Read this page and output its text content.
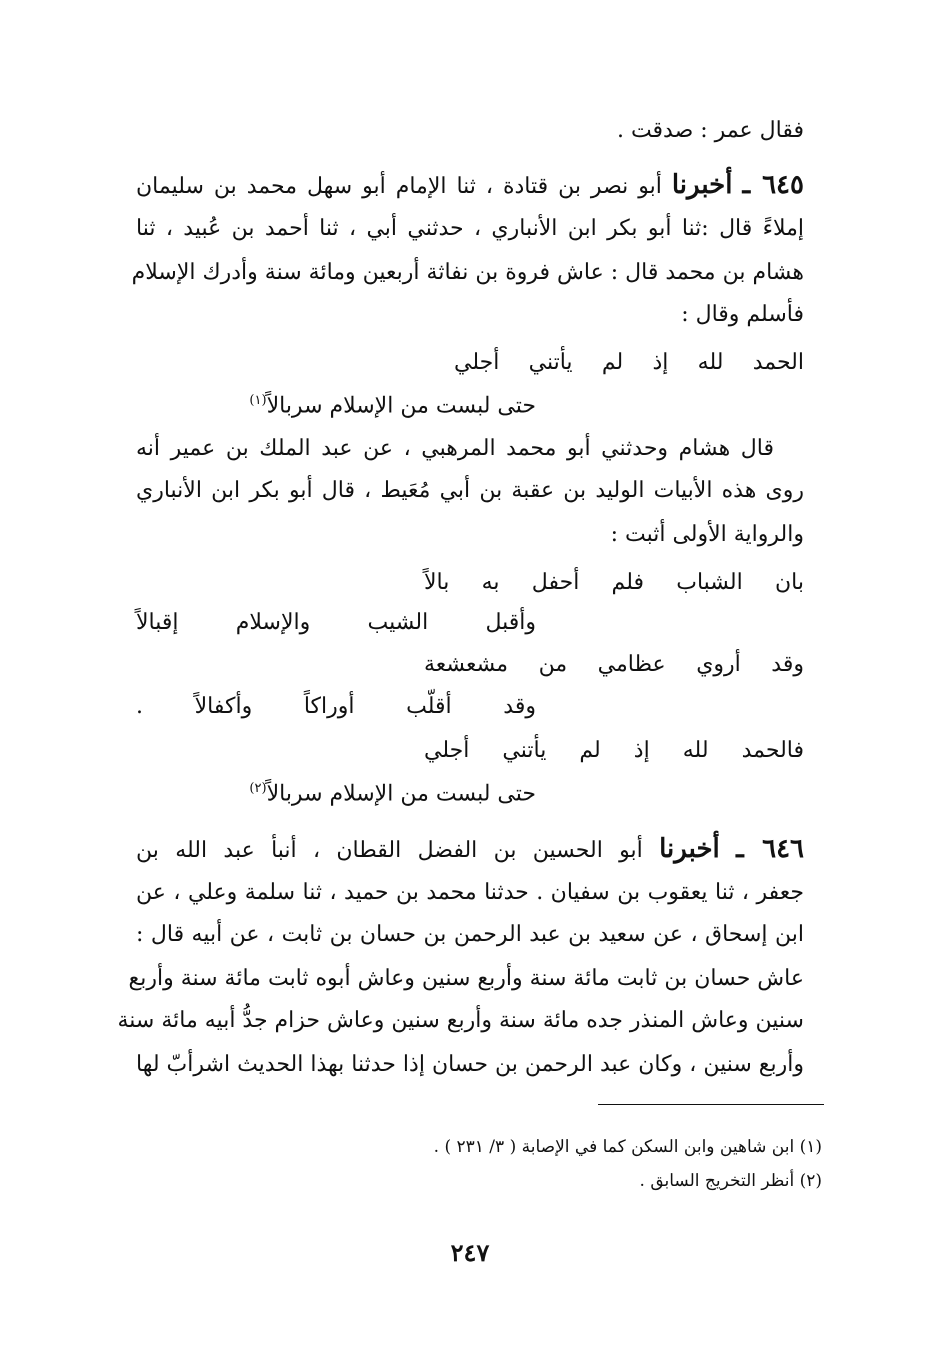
فقال عمر : صدقت .
٦٤٥ ـ أخبرنا أبو نصر بن قتادة ، ثنا الإمام أبو سهل محمد بن سليمان
إملاءً قال :ثنا أبو بكر ابن الأنباري ، حدثني أبي ، ثنا أحمد بن عُبيد ، ثنا
هشام بن محمد قال : عاش فروة بن نفاثة أربعين ومائة سنة وأدرك الإسلام
فأسلم وقال :
الحمد لله إذ لم يأتني أجلي
حتى لبست من الإسلام سربالاً$^{(١)}$
قال هشام وحدثني أبو محمد المرهبي ، عن عبد الملك بن عمير أنه
روى هذه الأبيات الوليد بن عقبة بن أبي مُعَيط ، قال أبو بكر ابن الأنباري
والرواية الأولى أثبت :
بان الشباب فلم أحفل به بالاً
وأقبل الشيب والإسلام إقبالاً
وقد أروي عظامي من مشعشعة
وقد أقلّب أوراكاً وأكفالاً .
فالحمد لله إذ لم يأتني أجلي
حتى لبست من الإسلام سربالاً$^{(٢)}$
٦٤٦ ـ أخبرنا أبو الحسين بن الفضل القطان ، أنبأ عبد الله بن
جعفر ، ثنا يعقوب بن سفيان . حدثنا محمد بن حميد ، ثنا سلمة وعلي ، عن
ابن إسحاق ، عن سعيد بن عبد الرحمن بن حسان بن ثابت ، عن أبيه قال :
عاش حسان بن ثابت مائة سنة وأربع سنين وعاش أبوه ثابت مائة سنة وأربع
سنين وعاش المنذر جده مائة سنة وأربع سنين وعاش حزام جدُّ أبيه مائة سنة
وأربع سنين ، وكان عبد الرحمن بن حسان إذا حدثنا بهذا الحديث اشرأبّ لها
(١) ابن شاهين وابن السكن كما في الإصابة ( ٣/ ٢٣١ ) .
(٢) أنظر التخريج السابق .
٢٤٧
